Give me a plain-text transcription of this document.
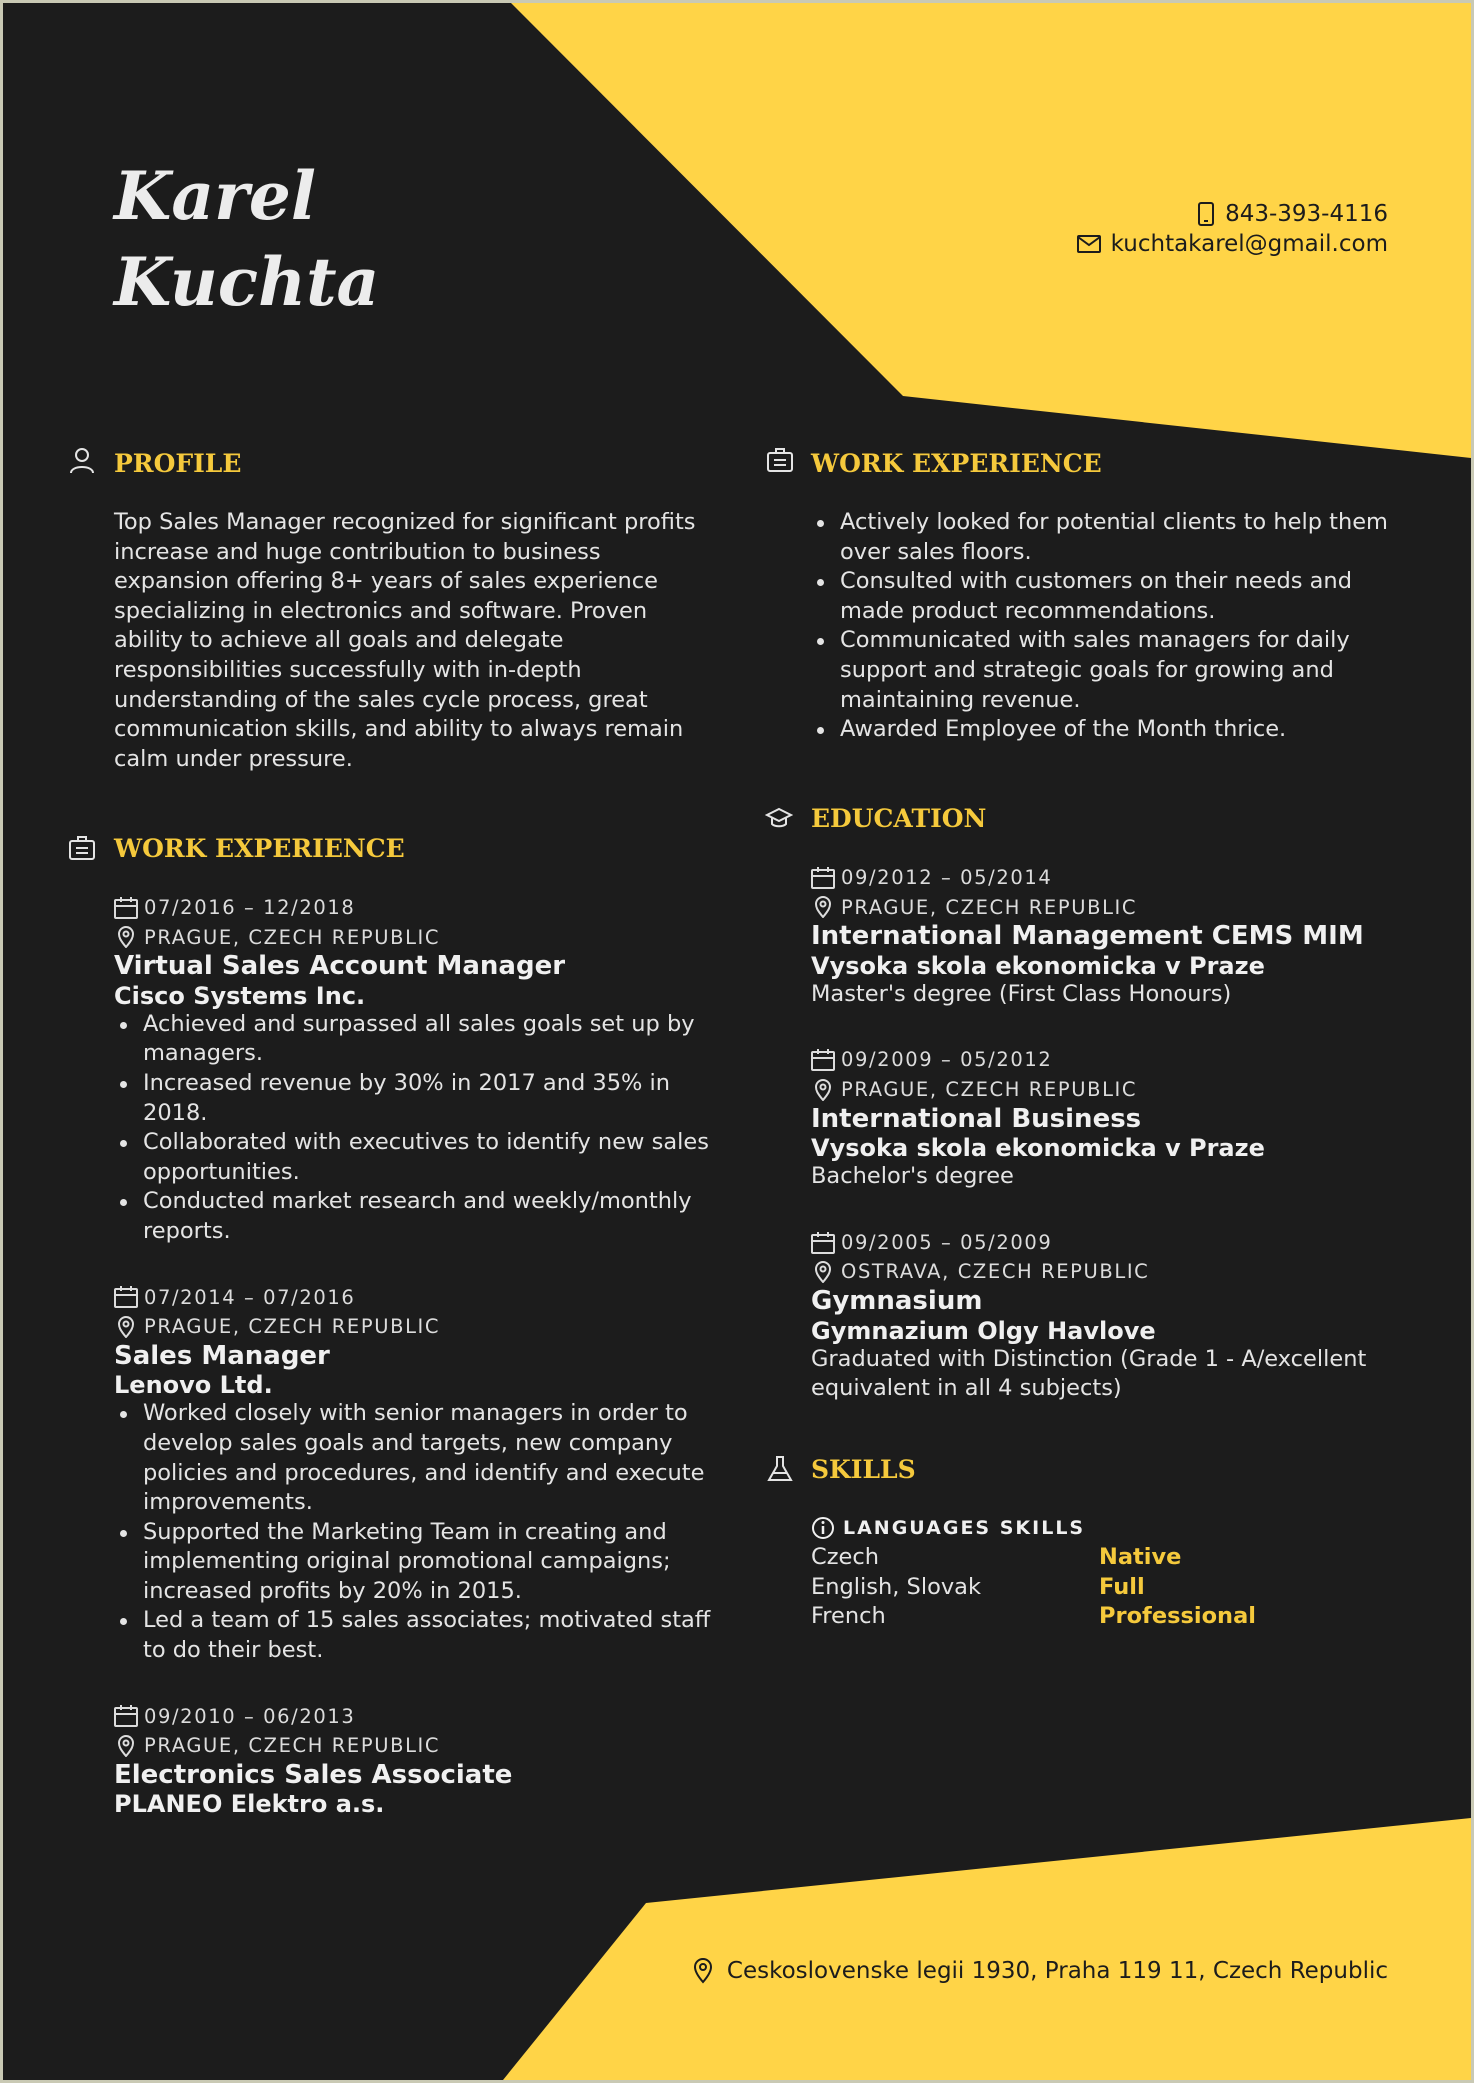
Karel
Kuchta
843-393-4116
kuchtakarel@gmail.com
PROFILE
Top Sales Manager recognized for significant profits increase and huge contribution to business expansion offering 8+ years of sales experience specializing in electronics and software. Proven ability to achieve all goals and delegate responsibilities successfully with in-depth understanding of the sales cycle process, great communication skills, and ability to always remain calm under pressure.
WORK EXPERIENCE
07/2016 – 12/2018
PRAGUE, CZECH REPUBLIC
Virtual Sales Account Manager
Cisco Systems Inc.
Achieved and surpassed all sales goals set up by managers.
Increased revenue by 30% in 2017 and 35% in 2018.
Collaborated with executives to identify new sales opportunities.
Conducted market research and weekly/monthly reports.
07/2014 – 07/2016
PRAGUE, CZECH REPUBLIC
Sales Manager
Lenovo Ltd.
Worked closely with senior managers in order to develop sales goals and targets, new company policies and procedures, and identify and execute improvements.
Supported the Marketing Team in creating and implementing original promotional campaigns; increased profits by 20% in 2015.
Led a team of 15 sales associates; motivated staff to do their best.
09/2010 – 06/2013
PRAGUE, CZECH REPUBLIC
Electronics Sales Associate
PLANEO Elektro a.s.
WORK EXPERIENCE
Actively looked for potential clients to help them over sales floors.
Consulted with customers on their needs and made product recommendations.
Communicated with sales managers for daily support and strategic goals for growing and maintaining revenue.
Awarded Employee of the Month thrice.
EDUCATION
09/2012 – 05/2014
PRAGUE, CZECH REPUBLIC
International Management CEMS MIM
Vysoka skola ekonomicka v Praze
Master's degree (First Class Honours)
09/2009 – 05/2012
PRAGUE, CZECH REPUBLIC
International Business
Vysoka skola ekonomicka v Praze
Bachelor's degree
09/2005 – 05/2009
OSTRAVA, CZECH REPUBLIC
Gymnasium
Gymnazium Olgy Havlove
Graduated with Distinction (Grade 1 - A/excellent equivalent in all 4 subjects)
SKILLS
LANGUAGES SKILLS
Czech	Native
English, Slovak	Full
French	Professional
Ceskoslovenske legii 1930, Praha 119 11, Czech Republic
